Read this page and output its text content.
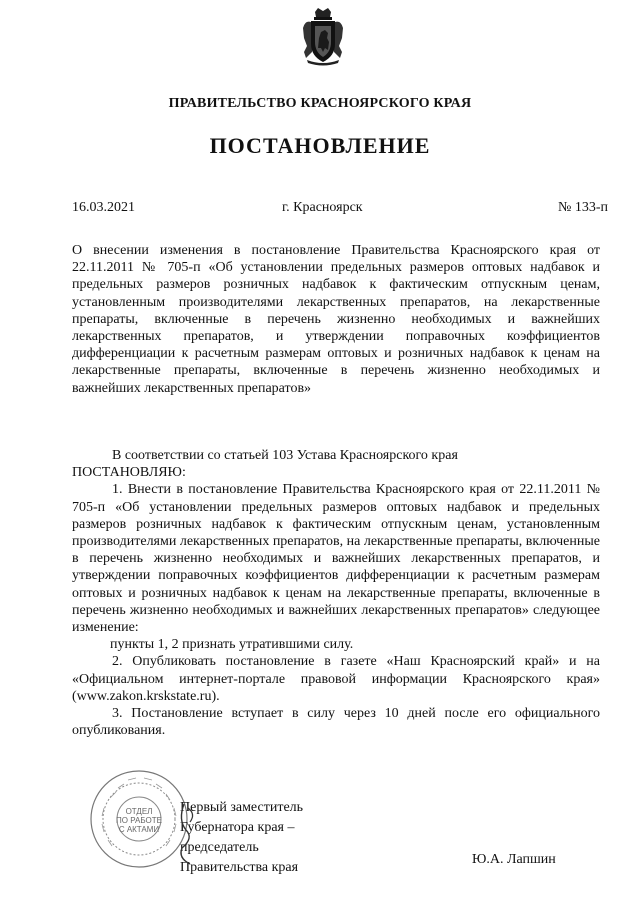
ПРАВИТЕЛЬСТВО КРАСНОЯРСКОГО КРАЯ
ПОСТАНОВЛЕНИЕ
16.03.2021	г. Красноярск	№ 133-п
О внесении изменения в постановление Правительства Красноярского края от 22.11.2011 № 705-п «Об установлении предельных размеров оптовых надбавок и предельных размеров розничных надбавок к фактическим отпускным ценам, установленным производителями лекарственных препаратов, на лекарственные препараты, включенные в перечень жизненно необходимых и важнейших лекарственных препаратов, и утверждении поправочных коэффициентов дифференциации к расчетным размерам оптовых и розничных надбавок к ценам на лекарственные препараты, включенные в перечень жизненно необходимых и важнейших лекарственных препаратов»

В соответствии со статьей 103 Устава Красноярского края

ПОСТАНОВЛЯЮ:

1. Внести в постановление Правительства Красноярского края от 22.11.2011 № 705-п «Об установлении предельных размеров оптовых надбавок и предельных размеров розничных надбавок к фактическим отпускным ценам, установленным производителями лекарственных препаратов, на лекарственные препараты, включенные в перечень жизненно необходимых и важнейших лекарственных препаратов, и утверждении поправочных коэффициентов дифференциации к расчетным размерам оптовых и розничных надбавок к ценам на лекарственные препараты, включенные в перечень жизненно необходимых и важнейших лекарственных препаратов» следующее изменение:

пункты 1, 2 признать утратившими силу.

2. Опубликовать постановление в газете «Наш Красноярский край» и на «Официальном интернет-портале правовой информации Красноярского края» (www.zakon.krskstate.ru).

3. Постановление вступает в силу через 10 дней после его официального опубликования.

ОТДЕЛ
ПО РАБОТЕ
С АКТАМИ
Первый заместитель
Губернатора края –
председатель
Правительства края
Ю.А. Лапшин
